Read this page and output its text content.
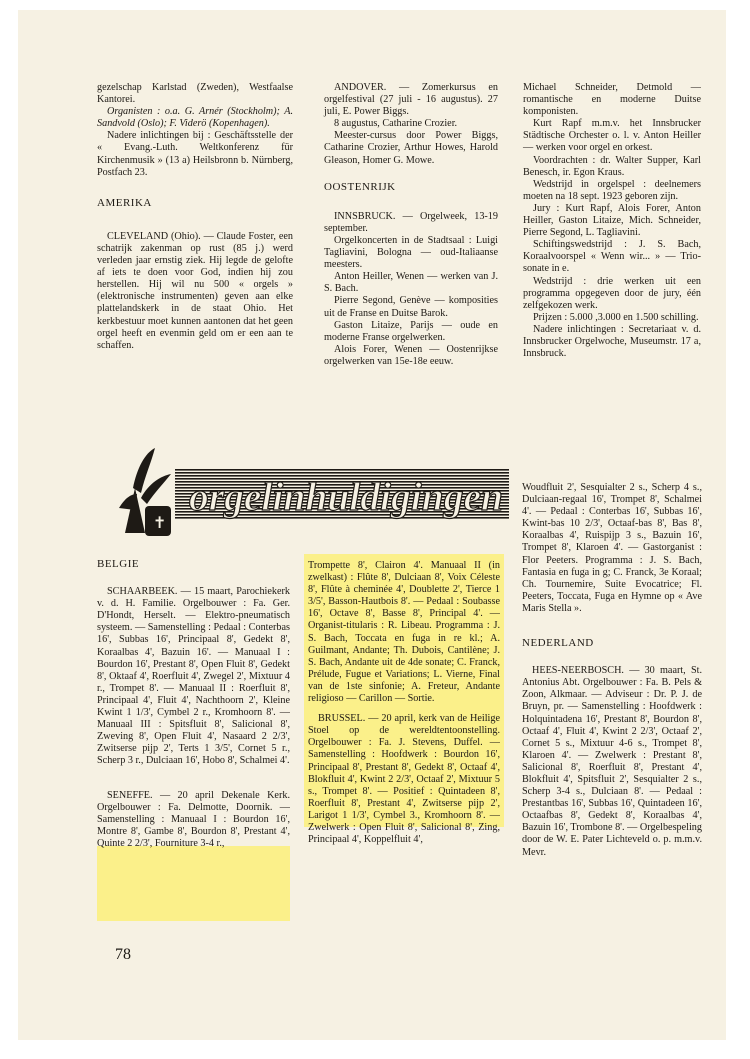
gezelschap Karlstad (Zweden), Westfaalse Kantorei.

Organisten : o.a. G. Arnér (Stockholm); A. Sandvold (Oslo); F. Viderö (Kopenhagen).

Nadere inlichtingen bij : Geschäftsstelle der « Evang.-Luth. Weltkonferenz für Kirchenmusik » (13 a) Heilsbronn b. Nürnberg, Postfach 23.

AMERIKA

CLEVELAND (Ohio). — Claude Foster, een schatrijk zakenman op rust (85 j.) werd verleden jaar ernstig ziek. Hij legde de gelofte af iets te doen voor God, indien hij zou herstellen. Hij wil nu 500 « orgels » (elektronische instrumenten) geven aan elke plattelandskerk in de staat Ohio. Het kerkbestuur moet kunnen aantonen dat het geen orgel heeft en evenmin geld om er een aan te schaffen.

ANDOVER. — Zomerkursus en orgelfestival (27 juli - 16 augustus). 27 juli, E. Power Biggs.

8 augustus, Catharine Crozier.

Meester-cursus door Power Biggs, Catharine Crozier, Arthur Howes, Harold Gleason, Homer G. Mowe.

OOSTENRIJK

INNSBRUCK. — Orgelweek, 13-19 september.

Orgelkoncerten in de Stadtsaal : Luigi Tagliavini, Bologna — oud-Italiaanse meesters.

Anton Heiller, Wenen — werken van J. S. Bach.

Pierre Segond, Genève — komposities uit de Franse en Duitse Barok.

Gaston Litaize, Parijs — oude en moderne Franse orgelwerken.

Alois Forer, Wenen — Oostenrijkse orgelwerken van 15e-18e eeuw.

Michael Schneider, Detmold — romantische en moderne Duitse komponisten.

Kurt Rapf m.m.v. het Innsbrucker Städtische Orchester o. l. v. Anton Heiller — werken voor orgel en orkest.

Voordrachten : dr. Walter Supper, Karl Benesch, ir. Egon Kraus.

Wedstrijd in orgelspel : deelnemers moeten na 18 sept. 1923 geboren zijn.

Jury : Kurt Rapf, Alois Forer, Anton Heiller, Gaston Litaize, Mich. Schneider, Pierre Segond, L. Tagliavini.

Schiftingswedstrijd : J. S. Bach, Koraalvoorspel « Wenn wir... » — Trio-sonate in e.

Wedstrijd : drie werken uit een programma opgegeven door de jury, één zelfgekozen werk.

Prijzen : 5.000 ,3.000 en 1.500 schilling.

Nadere inlichtingen : Secretariaat v. d. Innsbrucker Orgelwoche, Museumstr. 17 a, Innsbruck.

✝
orgelinhuldigingen

BELGIE

SCHAARBEEK. — 15 maart, Parochiekerk v. d. H. Familie. Orgelbouwer : Fa. Ger. D'Hondt, Herselt. — Elektro-pneumatisch systeem. — Samenstelling : Pedaal : Conterbas 16', Subbas 16', Principaal 8', Gedekt 8', Koraalbas 4', Bazuin 16'. — Manuaal I : Bourdon 16', Prestant 8', Open Fluit 8', Gedekt 8', Oktaaf 4', Roerfluit 4', Zwegel 2', Mixtuur 4 r., Trompet 8'. — Manuaal II : Roerfluit 8', Principaal 4', Fluit 4', Nachthoorn 2', Kleine Kwint 1 1/3', Cymbel 2 r., Kromhoorn 8'. — Manuaal III : Spitsfluit 8', Salicional 8', Zweving 8', Open Fluit 4', Nasaard 2 2/3', Zwitserse pijp 2', Terts 1 3/5', Cornet 5 r., Scherp 3 r., Dulciaan 16', Hobo 8', Schalmei 4'.

SENEFFE. — 20 april Dekenale Kerk. Orgelbouwer : Fa. Delmotte, Doornik. — Samenstelling : Manuaal I : Bourdon 16', Montre 8', Gambe 8', Bourdon 8', Prestant 4', Quinte 2 2/3', Fourniture 3-4 r.,

Trompette 8', Clairon 4'. Manuaal II (in zwelkast) : Flûte 8', Dulciaan 8', Voix Céleste 8', Flûte à cheminée 4', Doublette 2', Tierce 1 3/5', Basson-Hautbois 8'. — Pedaal : Soubasse 16', Octave 8', Basse 8', Principal 4'. — Organist-titularis : R. Libeau. Programma : J. S. Bach, Toccata en fuga in re kl.; A. Guilmant, Andante; Th. Dubois, Cantilène; J. S. Bach, Andante uit de 4de sonate; C. Franck, Prélude, Fugue et Variations; L. Vierne, Final van de 1ste sinfonie; A. Freteur, Andante religioso — Carillon — Sortie.

BRUSSEL. — 20 april, kerk van de Heilige Stoel op de wereldtentoonstelling. Orgelbouwer : Fa. J. Stevens, Duffel. — Samenstelling : Hoofdwerk : Bourdon 16', Principaal 8', Prestant 8', Gedekt 8', Octaaf 4', Blokfluit 4', Kwint 2 2/3', Octaaf 2', Mixtuur 5 s., Trompet 8'. — Positief : Quintadeen 8', Roerfluit 8', Prestant 4', Zwitserse pijp 2', Larigot 1 1/3', Cymbel 3., Kromhoorn 8'. — Zwelwerk : Open Fluit 8', Salicional 8', Zing, Principaal 4', Koppelfluit 4',

Woudfluit 2', Sesquialter 2 s., Scherp 4 s., Dulciaan-regaal 16', Trompet 8', Schalmei 4'. — Pedaal : Conterbas 16', Subbas 16', Kwint-bas 10 2/3', Octaaf-bas 8', Bas 8', Koraalbas 4', Ruispijp 3 s., Bazuin 16', Trompet 8', Klaroen 4'. — Gastorganist : Flor Peeters. Programma : J. S. Bach, Fantasia en fuga in g; C. Franck, 3e Koraal; Ch. Tournemire, Suite Evocatrice; Fl. Peeters, Toccata, Fuga en Hymne op « Ave Maris Stella ».

NEDERLAND

HEES-NEERBOSCH. — 30 maart, St. Antonius Abt. Orgelbouwer : Fa. B. Pels & Zoon, Alkmaar. — Adviseur : Dr. P. J. de Bruyn, pr. — Samenstelling : Hoofdwerk : Holquintadena 16', Prestant 8', Bourdon 8', Octaaf 4', Fluit 4', Kwint 2 2/3', Octaaf 2', Cornet 5 s., Mixtuur 4-6 s., Trompet 8', Klaroen 4'. — Zwelwerk : Prestant 8', Salicional 8', Roerfluit 8', Prestant 4', Blokfluit 4', Spitsfluit 2', Sesquialter 2 s., Scherp 3-4 s., Dulciaan 8'. — Pedaal : Prestantbas 16', Subbas 16', Quintadeen 16', Octaafbas 8', Gedekt 8', Koraalbas 4', Bazuin 16', Trombone 8'. — Orgelbespeling door de W. E. Pater Lichteveld o. p. m.m.v. Mevr.

78
